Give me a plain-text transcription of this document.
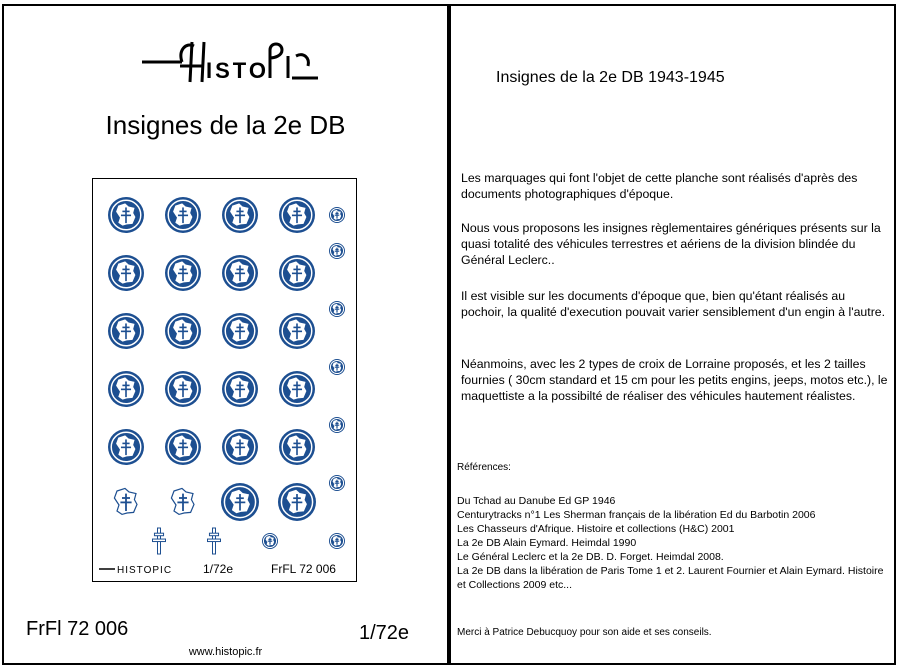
ISTO
Insignes de la 2e DB
HISTOPIC	1/72e	FrFL 72 006
FrFl 72 006	1/72e
www.histopic.fr
Insignes de la 2e DB 1943-1945
Les marquages qui font l'objet de cette planche sont réalisés d'après des documents photographiques d'époque.
Nous vous proposons les insignes règlementaires génériques présents sur la quasi totalité des véhicules terrestres et aériens de la division blindée du Général Leclerc..
Il est visible sur les documents d'époque que, bien qu'étant réalisés au pochoir, la qualité d'execution pouvait varier sensiblement d'un engin à l'autre.
Néanmoins, avec les 2 types de croix de Lorraine proposés, et les 2 tailles fournies ( 30cm standard et 15 cm pour les petits engins, jeeps, motos etc.), le maquettiste a la possibilté de réaliser des véhicules hautement réalistes.
Références:
Du Tchad au Danube Ed GP 1946
Centurytracks n°1 Les Sherman français de la libération Ed du Barbotin 2006
Les Chasseurs d'Afrique. Histoire et collections (H&C) 2001
La 2e DB Alain Eymard. Heimdal 1990
Le Général Leclerc et la 2e DB. D. Forget. Heimdal 2008.
La 2e DB dans la libération de Paris Tome 1 et 2. Laurent Fournier et Alain Eymard. Histoire et Collections 2009 etc...
Merci à Patrice Debucquoy pour son aide et ses conseils.
